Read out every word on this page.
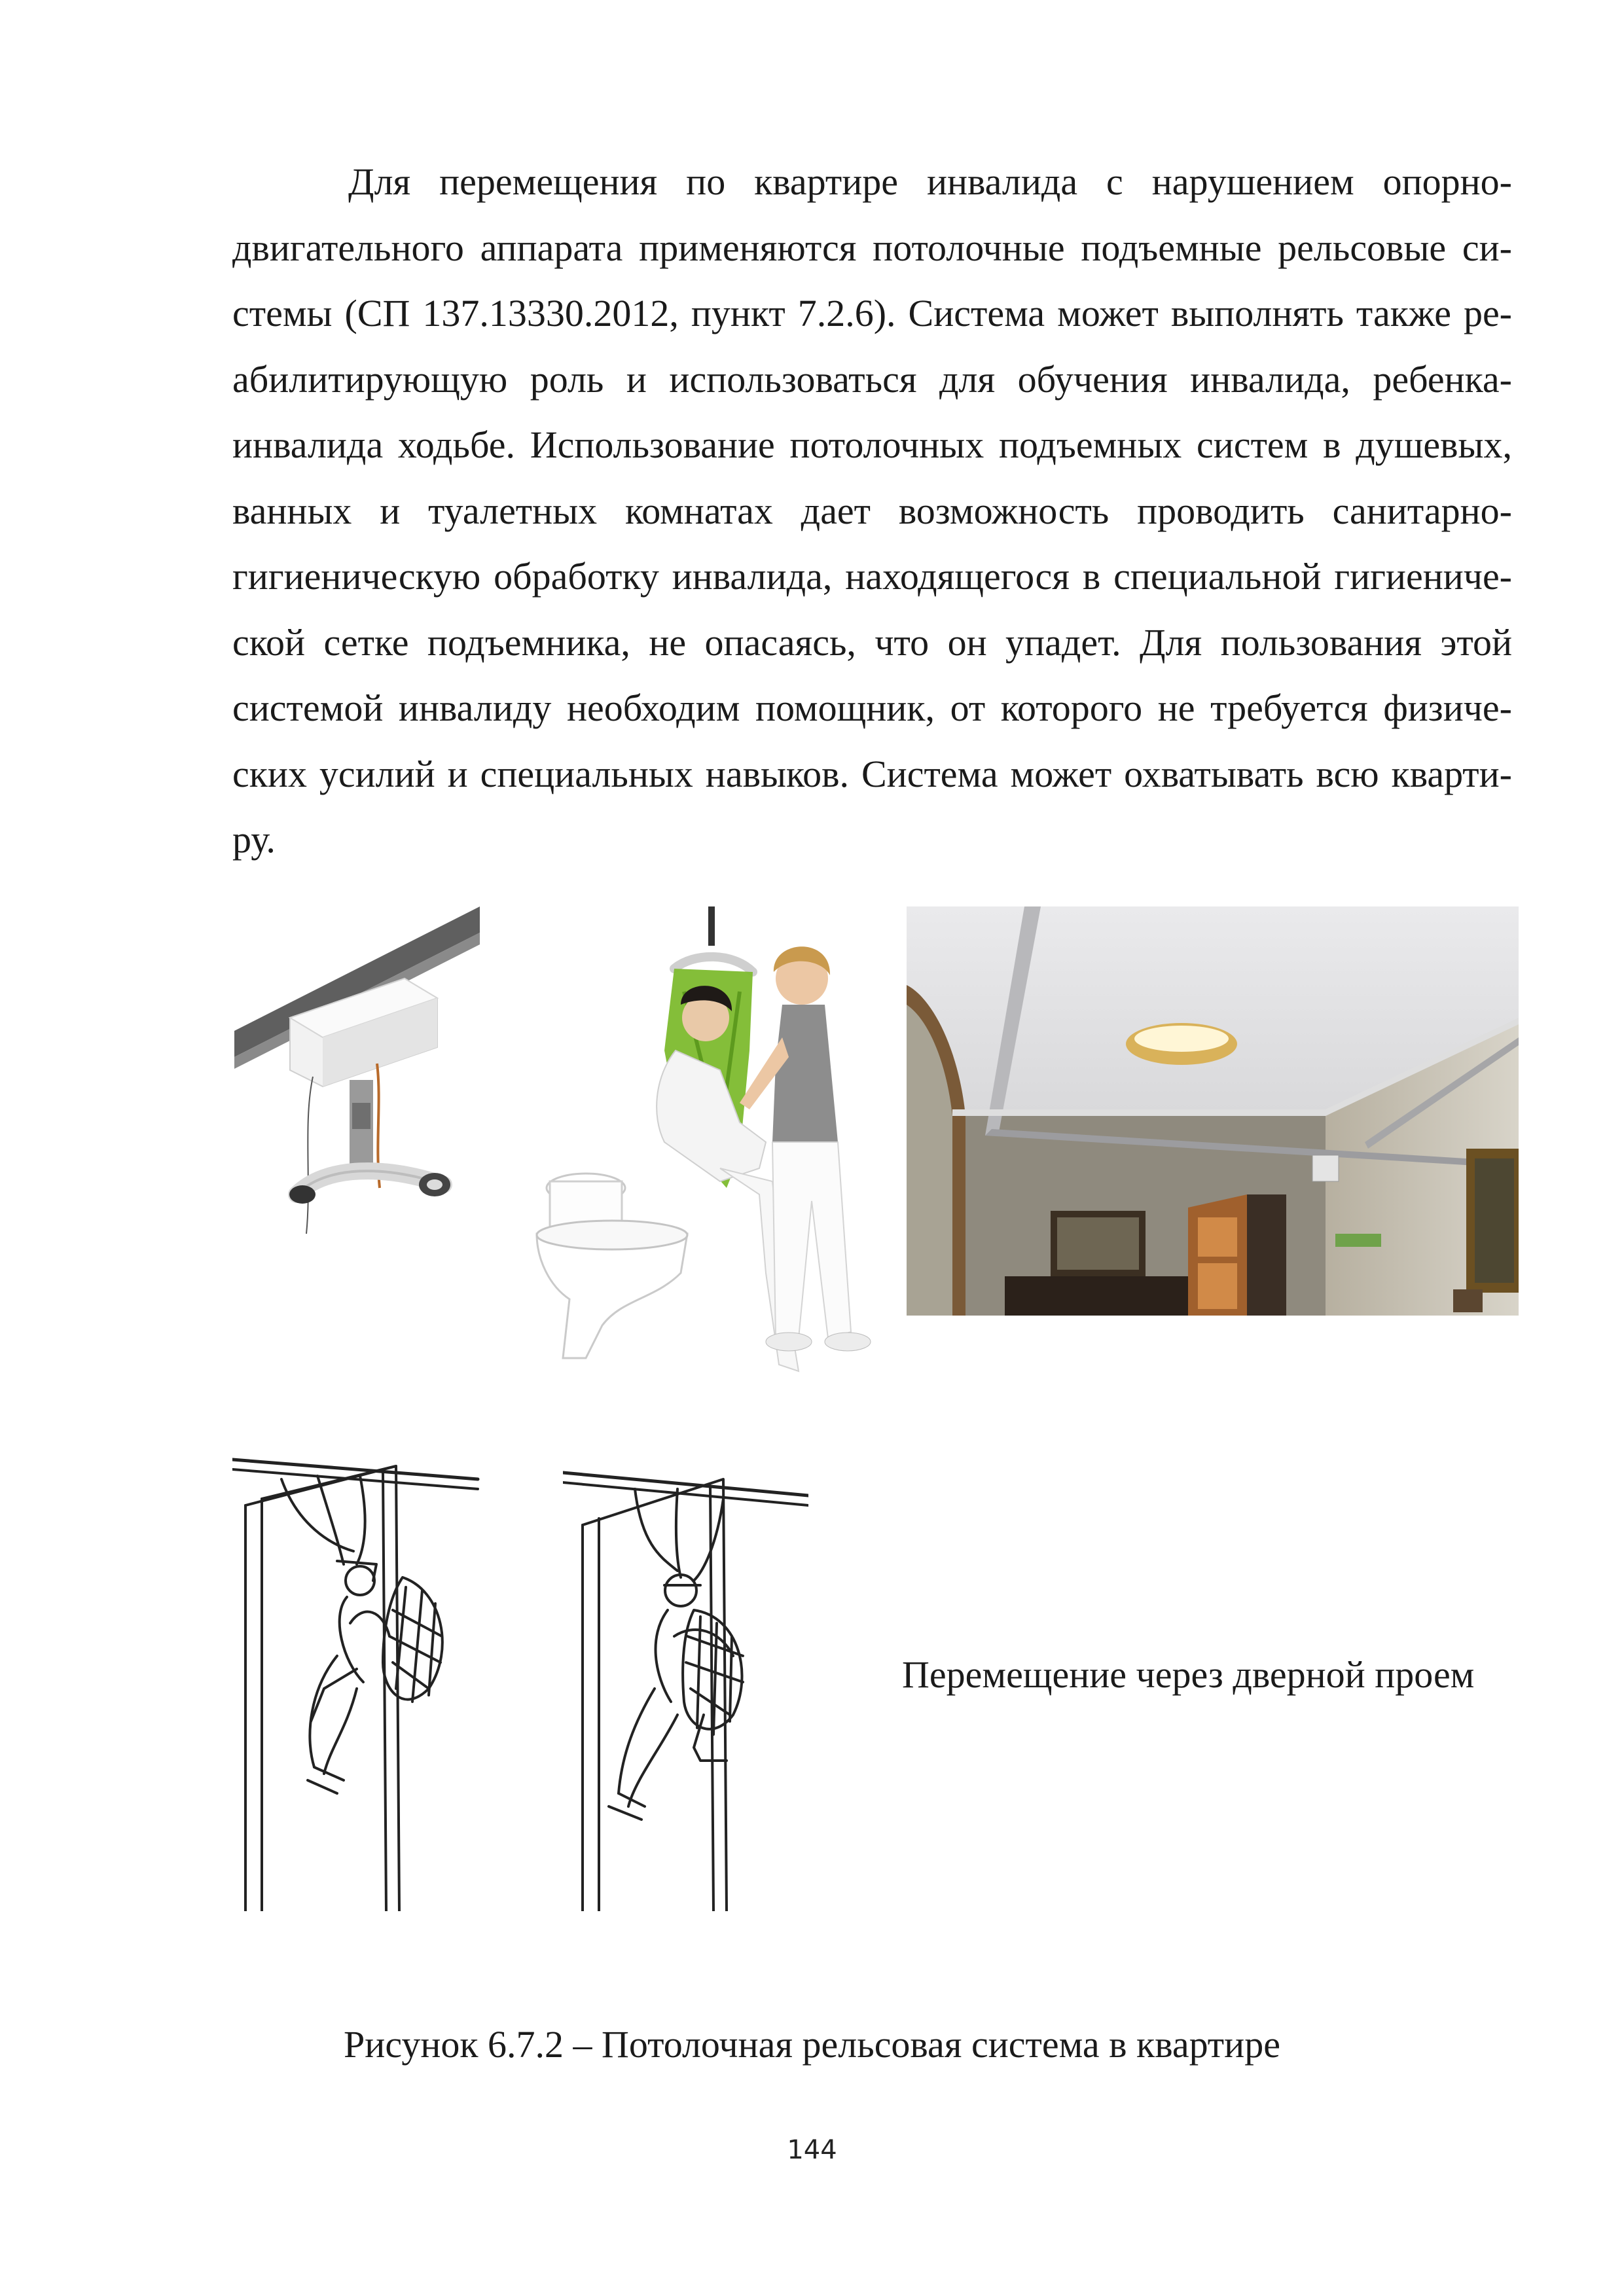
Для перемещения по квартире инвалида с нарушением опорно-
двигательного аппарата применяются потолочные подъемные рельсовые си-
стемы (СП 137.13330.2012, пункт 7.2.6). Система может выполнять также ре-
абилитирующую роль и использоваться для обучения инвалида, ребенка-
инвалида ходьбе. Использование потолочных подъемных систем в душевых,
ванных и туалетных комнатах дает возможность проводить санитарно-
гигиеническую обработку инвалида, находящегося в специальной гигиениче-
ской сетке подъемника, не опасаясь, что он упадет. Для пользования этой
системой инвалиду необходим помощник, от которого не требуется физиче-
ских усилий и специальных навыков. Система может охватывать всю кварти-
ру.
Перемещение через дверной проем
Рисунок 6.7.2 – Потолочная рельсовая система в квартире
144
